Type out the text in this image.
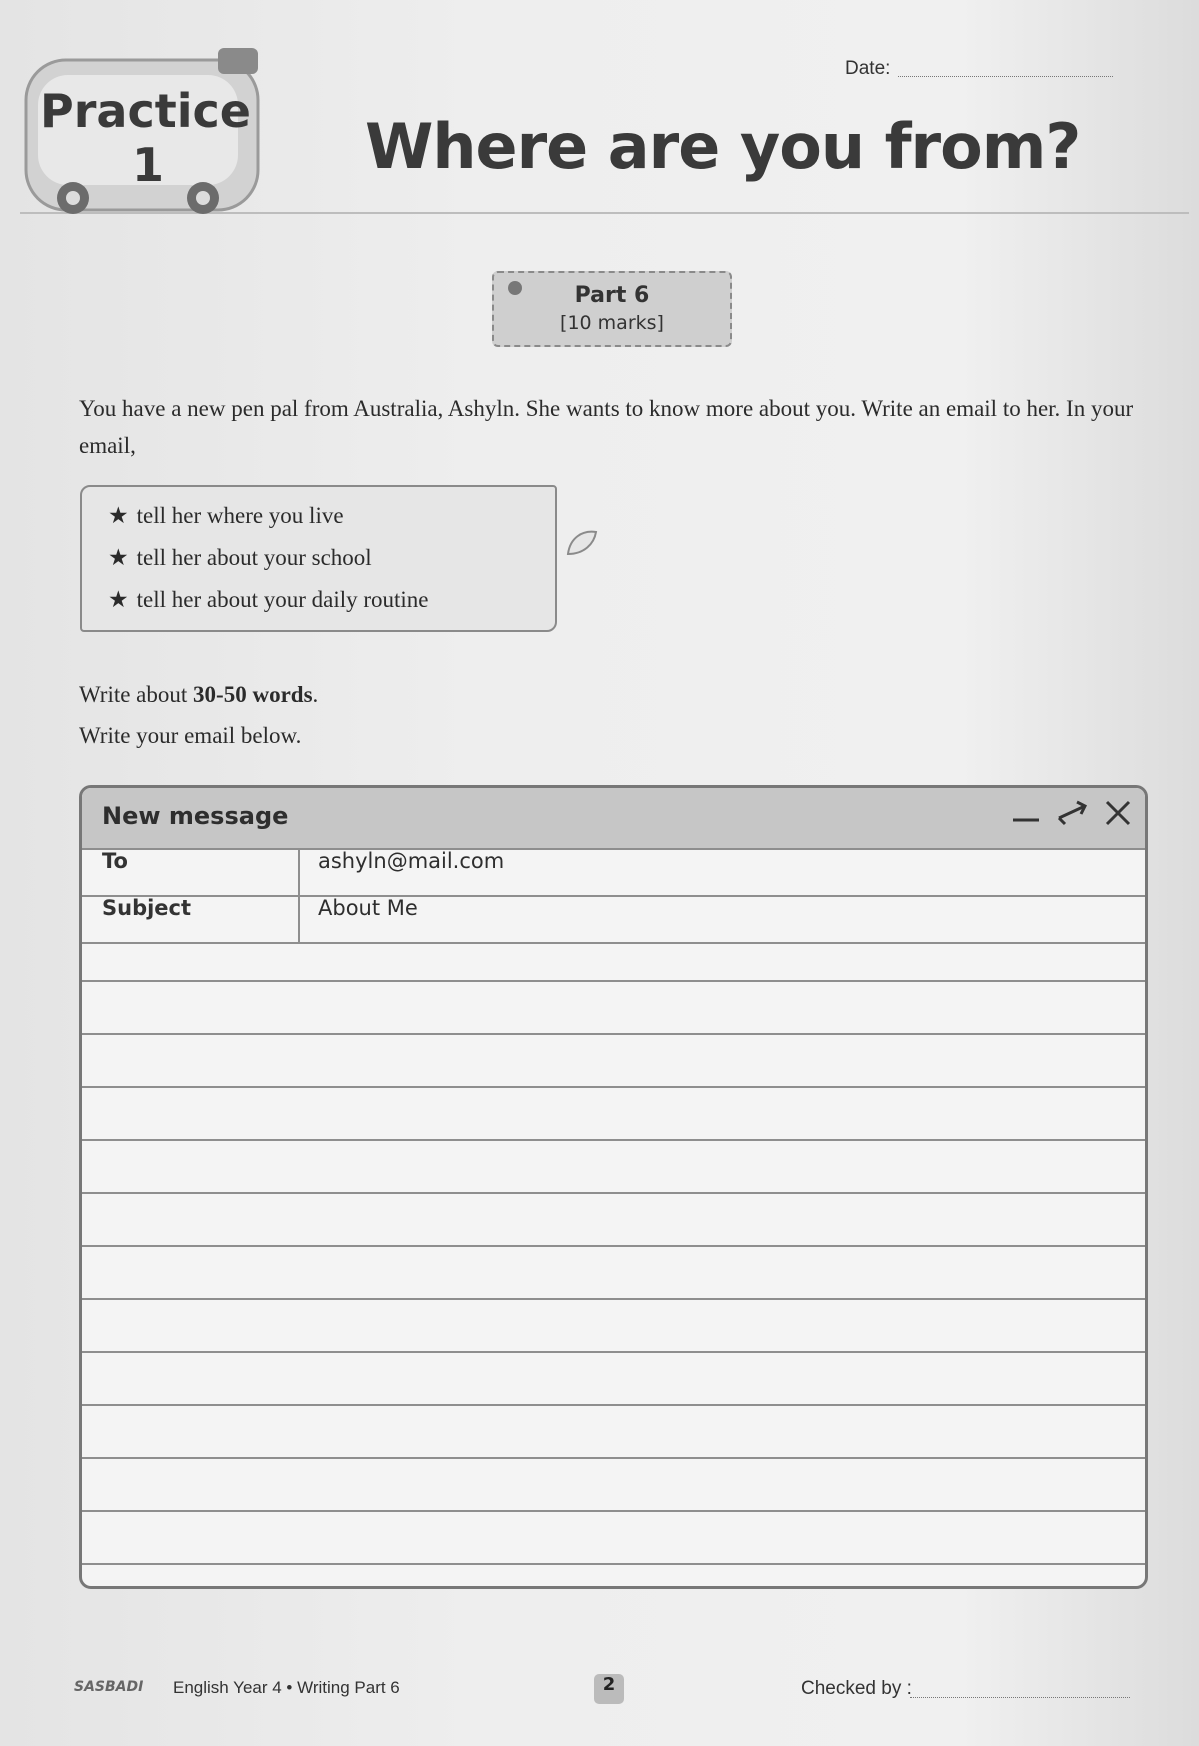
Practice
1	Where are you from?
Date:
Part 6
[10 marks]
You have a new pen pal from Australia, Ashyln. She wants to know more about you. Write an email to her. In your email,
★ tell her where you live
★ tell her about your school
★ tell her about your daily routine
Write about 30-50 words.
Write your email below.
New message

To	ashyln@mail.com
Subject	About Me
SASBADI English Year 4 • Writing Part 6	2	Checked by :
